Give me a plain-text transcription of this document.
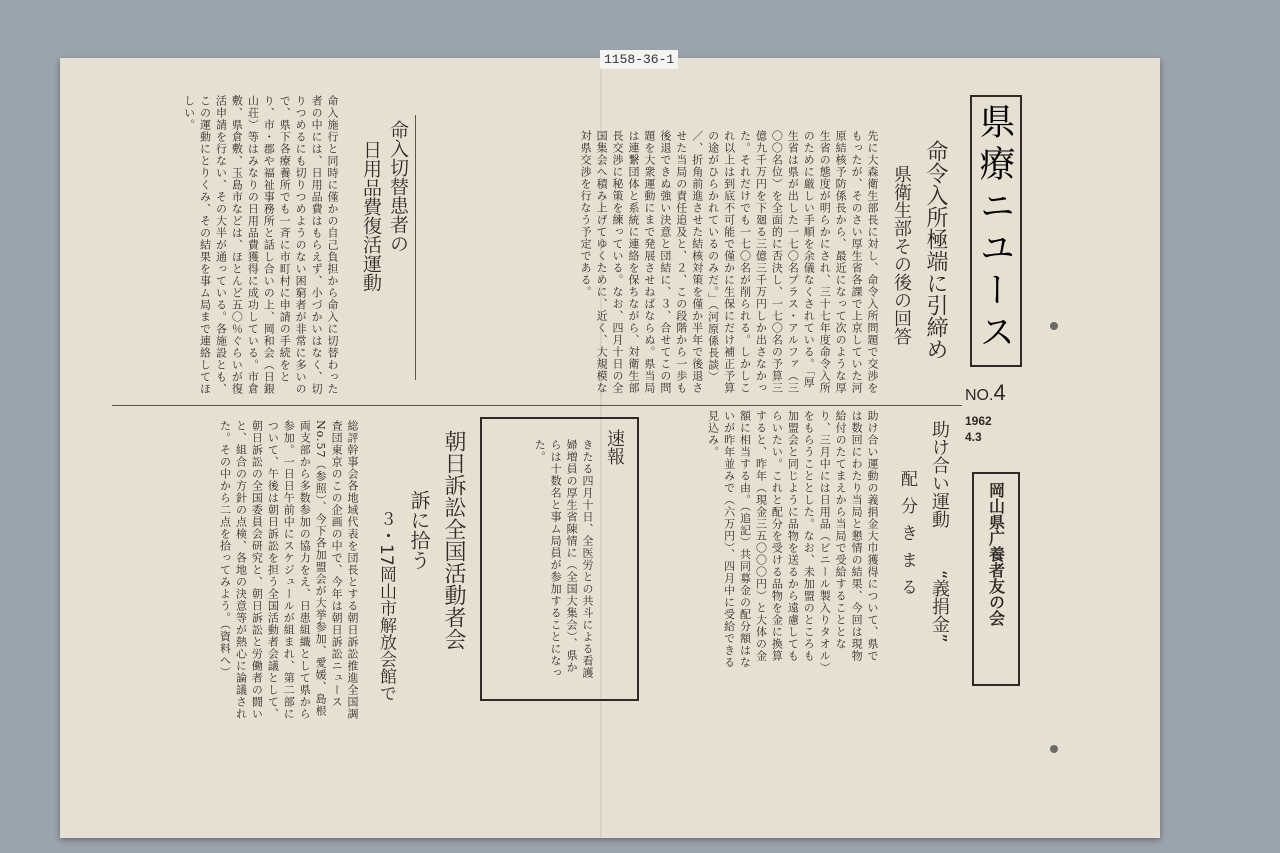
1158-36-1
県療ニユース
NO.4
1962
4.3
岡山県广養者友の会
命令入所極端に引締め
県衛生部その後の回答
先に大森衛生部長に対し、命令入所問題で交渉をもったが、そのさい厚生省各課で上京していた河原結核予防係長から、最近になって次のような厚生省の態度が明らかにされ、三十七年度命令入所のために厳しい手順を余儀なくされている。「厚生省は県が出した一七〇名プラス・アルファ（三〇〇名位）を全面的に否決し、一七〇名の予算三億九千万円を下廻る三億三千万円しか出さなかった。それだけでも一七〇名が削られる。しかしこれ以上は到底不可能で僅かに生保にだけ補正予算の途がひらかれているのみだ。」（河原係長談）／、折角前進させた結核対策を僅か半年で後退させた当局の責任追及と、２、この段階から一歩も後退できぬ強い決意と団結に、３、合せてこの問題を大衆運動にまで発展させねばならぬ。県当局は連繋団体と系統に連絡を保ちながら、対衛生部長交渉に秘策を練っている。なお、四月十日の全国集会へ積み上げてゆくために、近く、大規模な対県交渉を行なう予定である。
命入切替患者の
日用品費復活運動
命入施行と同時に僅かの自己負担から命入に切替わった者の中には、日用品費はもらえず、小づかいはなく、切りつめるにも切りつめようのない困窮者が非常に多いので、県下各療養所でも一斉に市町村に申請の手続をとり、市・郡や福祉事務所と話し合いの上、岡和会（日銀山荘）等はみなりの日用品費獲得に成功している。市倉敷、県倉敷、玉島市などは、ほとんど五〇％ぐらいが復活申請を行ない、その大半が通っている。各施設とも、この運動にとりくみ、その結果を事ム局まで連絡してほしい。
助け合い運動
“義捐金”
配分きまる
助け合い運動の義捐金大巾獲得について、県では数回にわたり当局と懇情の結果、今回は現物給付のたてまえから当局で受給することとなり、三月中には日用品（ビニール製入りタオル）をもらうこととした。なお、未加盟のところも加盟会と同じように品物を送るから遠慮してもらいたい。これと配分を受ける品物を金に換算すると、昨年（現金三五〇〇〇円）と大体の金額に相当する由。（追記）共同募金の配分額はないが昨年並みで（六万円）、四月中に受給できる見込み。
速報
きたる四月十日、全医労との共斗による看護婦増員の厚生省陳情に（全国大集会）、県からは十数名と事ム局員が参加することになった。
朝日訴訟全国活動者会
訴に拾う
３・17岡山市解放会館で
総評幹事会各地域代表を団長とする朝日訴訟推進全国調査団東京のこの企画の中で、今年は朝日訴訟ニュースNo.57（参照）、今下各加盟会が大挙参加、愛媛、島根両支部から多数参加の協力をえ、日患組織として県から参加。一日日午前中にスケジュールが組まれ、第二部について、午後は朝日訴訟を担う全国活動者会議として、朝日訴訟の全国委員会研究と、朝日訴訟と労働者の闘いと、組合の方針の点検、各地の決意等が熱心に論議された。その中から二点を拾ってみよう。（資料へ）
